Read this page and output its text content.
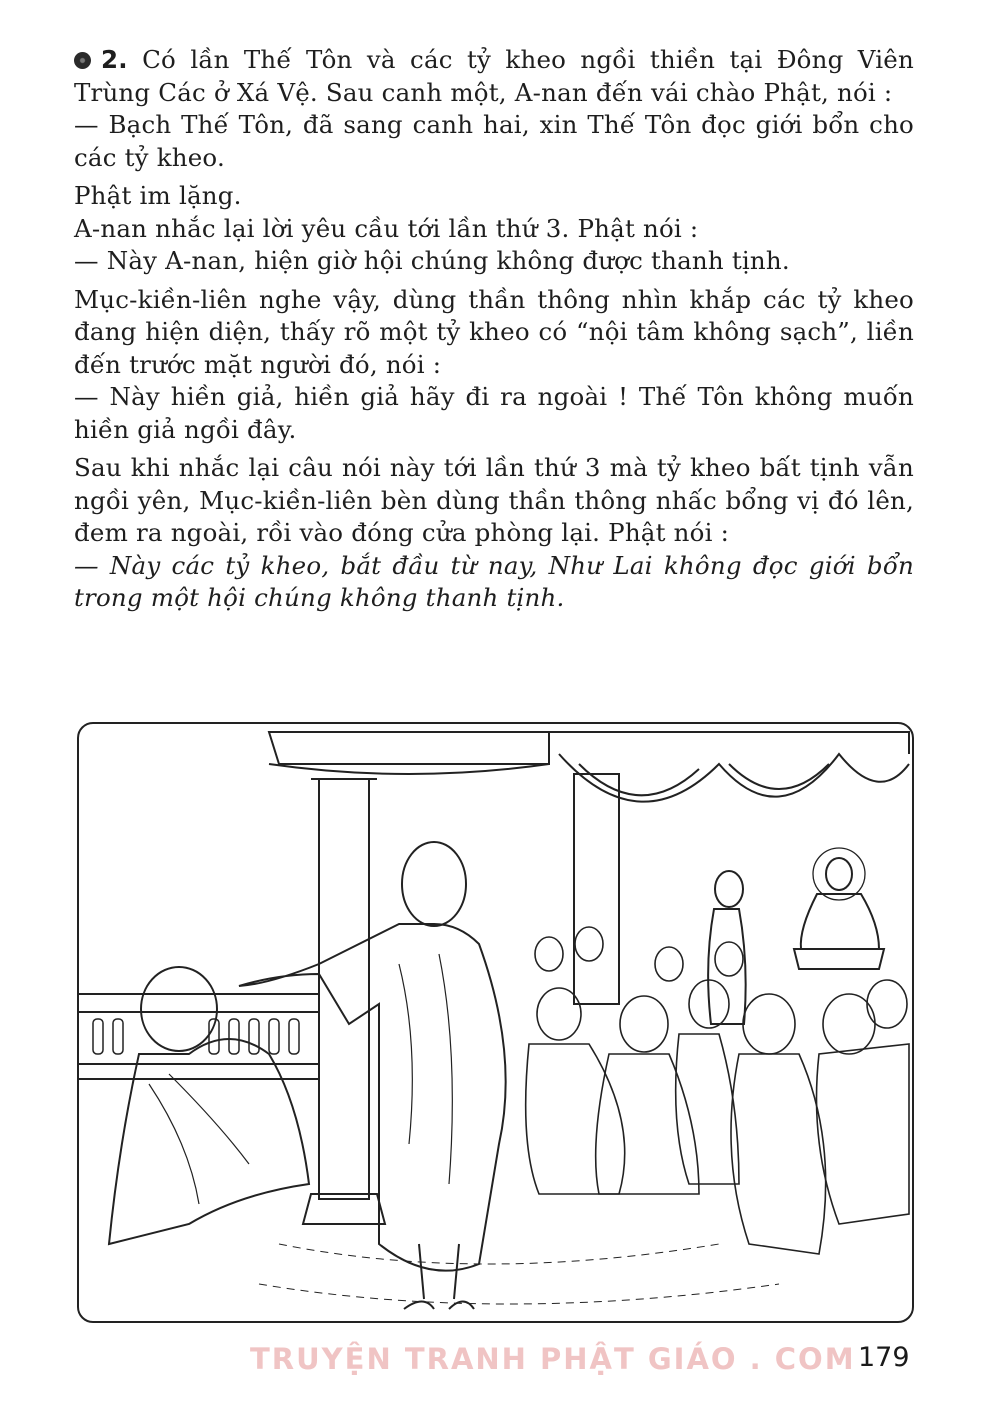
2. Có lần Thế Tôn và các tỷ kheo ngồi thiền tại Đông Viên Trùng Các ở Xá Vệ. Sau canh một, A-nan đến vái chào Phật, nói :

— Bạch Thế Tôn, đã sang canh hai, xin Thế Tôn đọc giới bổn cho các tỷ kheo.

Phật im lặng.

A-nan nhắc lại lời yêu cầu tới lần thứ 3. Phật nói :

— Này A-nan, hiện giờ hội chúng không được thanh tịnh.

Mục-kiền-liên nghe vậy, dùng thần thông nhìn khắp các tỷ kheo đang hiện diện, thấy rõ một tỷ kheo có “nội tâm không sạch”, liền đến trước mặt người đó, nói :

— Này hiền giả, hiền giả hãy đi ra ngoài ! Thế Tôn không muốn hiền giả ngồi đây.

Sau khi nhắc lại câu nói này tới lần thứ 3 mà tỷ kheo bất tịnh vẫn ngồi yên, Mục-kiền-liên bèn dùng thần thông nhấc bổng vị đó lên, đem ra ngoài, rồi vào đóng cửa phòng lại. Phật nói :

— Này các tỷ kheo, bắt đầu từ nay, Như Lai không đọc giới bổn trong một hội chúng không thanh tịnh.

TRUYỆN TRANH PHẬT GIÁO . COM 179
